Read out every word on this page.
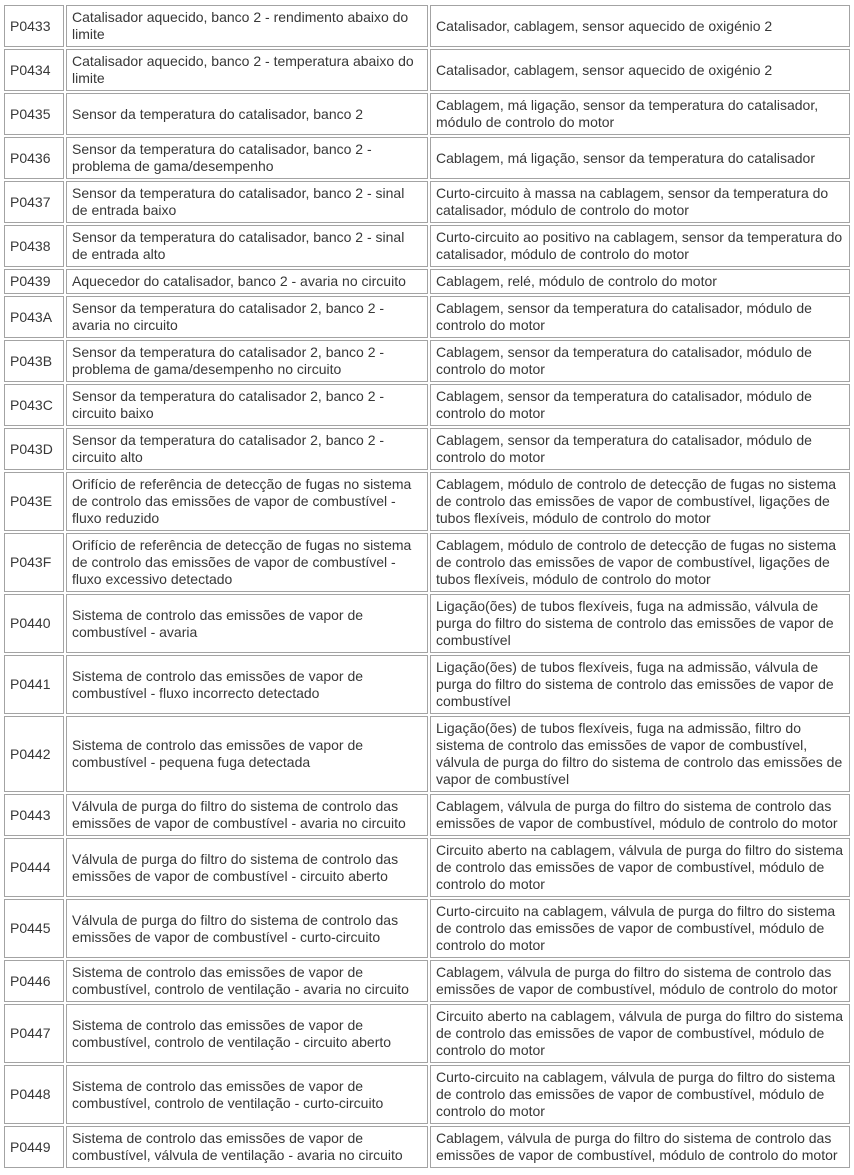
P0433	Catalisador aquecido, banco 2 - rendimento abaixo do limite	Catalisador, cablagem, sensor aquecido de oxigénio 2
P0434	Catalisador aquecido, banco 2 - temperatura abaixo do limite	Catalisador, cablagem, sensor aquecido de oxigénio 2
P0435	Sensor da temperatura do catalisador, banco 2	Cablagem, má ligação, sensor da temperatura do catalisador, módulo de controlo do motor
P0436	Sensor da temperatura do catalisador, banco 2 - problema de gama/desempenho	Cablagem, má ligação, sensor da temperatura do catalisador
P0437	Sensor da temperatura do catalisador, banco 2 - sinal de entrada baixo	Curto-circuito à massa na cablagem, sensor da temperatura do catalisador, módulo de controlo do motor
P0438	Sensor da temperatura do catalisador, banco 2 - sinal de entrada alto	Curto-circuito ao positivo na cablagem, sensor da temperatura do catalisador, módulo de controlo do motor
P0439	Aquecedor do catalisador, banco 2 - avaria no circuito	Cablagem, relé, módulo de controlo do motor
P043A	Sensor da temperatura do catalisador 2, banco 2 - avaria no circuito	Cablagem, sensor da temperatura do catalisador, módulo de controlo do motor
P043B	Sensor da temperatura do catalisador 2, banco 2 - problema de gama/desempenho no circuito	Cablagem, sensor da temperatura do catalisador, módulo de controlo do motor
P043C	Sensor da temperatura do catalisador 2, banco 2 - circuito baixo	Cablagem, sensor da temperatura do catalisador, módulo de controlo do motor
P043D	Sensor da temperatura do catalisador 2, banco 2 - circuito alto	Cablagem, sensor da temperatura do catalisador, módulo de controlo do motor
P043E	Orifício de referência de detecção de fugas no sistema de controlo das emissões de vapor de combustível - fluxo reduzido	Cablagem, módulo de controlo de detecção de fugas no sistema de controlo das emissões de vapor de combustível, ligações de tubos flexíveis, módulo de controlo do motor
P043F	Orifício de referência de detecção de fugas no sistema de controlo das emissões de vapor de combustível - fluxo excessivo detectado	Cablagem, módulo de controlo de detecção de fugas no sistema de controlo das emissões de vapor de combustível, ligações de tubos flexíveis, módulo de controlo do motor
P0440	Sistema de controlo das emissões de vapor de combustível - avaria	Ligação(ões) de tubos flexíveis, fuga na admissão, válvula de purga do filtro do sistema de controlo das emissões de vapor de combustível
P0441	Sistema de controlo das emissões de vapor de combustível - fluxo incorrecto detectado	Ligação(ões) de tubos flexíveis, fuga na admissão, válvula de purga do filtro do sistema de controlo das emissões de vapor de combustível
P0442	Sistema de controlo das emissões de vapor de combustível - pequena fuga detectada	Ligação(ões) de tubos flexíveis, fuga na admissão, filtro do sistema de controlo das emissões de vapor de combustível, válvula de purga do filtro do sistema de controlo das emissões de vapor de combustível
P0443	Válvula de purga do filtro do sistema de controlo das emissões de vapor de combustível - avaria no circuito	Cablagem, válvula de purga do filtro do sistema de controlo das emissões de vapor de combustível, módulo de controlo do motor
P0444	Válvula de purga do filtro do sistema de controlo das emissões de vapor de combustível - circuito aberto	Circuito aberto na cablagem, válvula de purga do filtro do sistema de controlo das emissões de vapor de combustível, módulo de controlo do motor
P0445	Válvula de purga do filtro do sistema de controlo das emissões de vapor de combustível - curto-circuito	Curto-circuito na cablagem, válvula de purga do filtro do sistema de controlo das emissões de vapor de combustível, módulo de controlo do motor
P0446	Sistema de controlo das emissões de vapor de combustível, controlo de ventilação - avaria no circuito	Cablagem, válvula de purga do filtro do sistema de controlo das emissões de vapor de combustível, módulo de controlo do motor
P0447	Sistema de controlo das emissões de vapor de combustível, controlo de ventilação - circuito aberto	Circuito aberto na cablagem, válvula de purga do filtro do sistema de controlo das emissões de vapor de combustível, módulo de controlo do motor
P0448	Sistema de controlo das emissões de vapor de combustível, controlo de ventilação - curto-circuito	Curto-circuito na cablagem, válvula de purga do filtro do sistema de controlo das emissões de vapor de combustível, módulo de controlo do motor
P0449	Sistema de controlo das emissões de vapor de combustível, válvula de ventilação - avaria no circuito	Cablagem, válvula de purga do filtro do sistema de controlo das emissões de vapor de combustível, módulo de controlo do motor
